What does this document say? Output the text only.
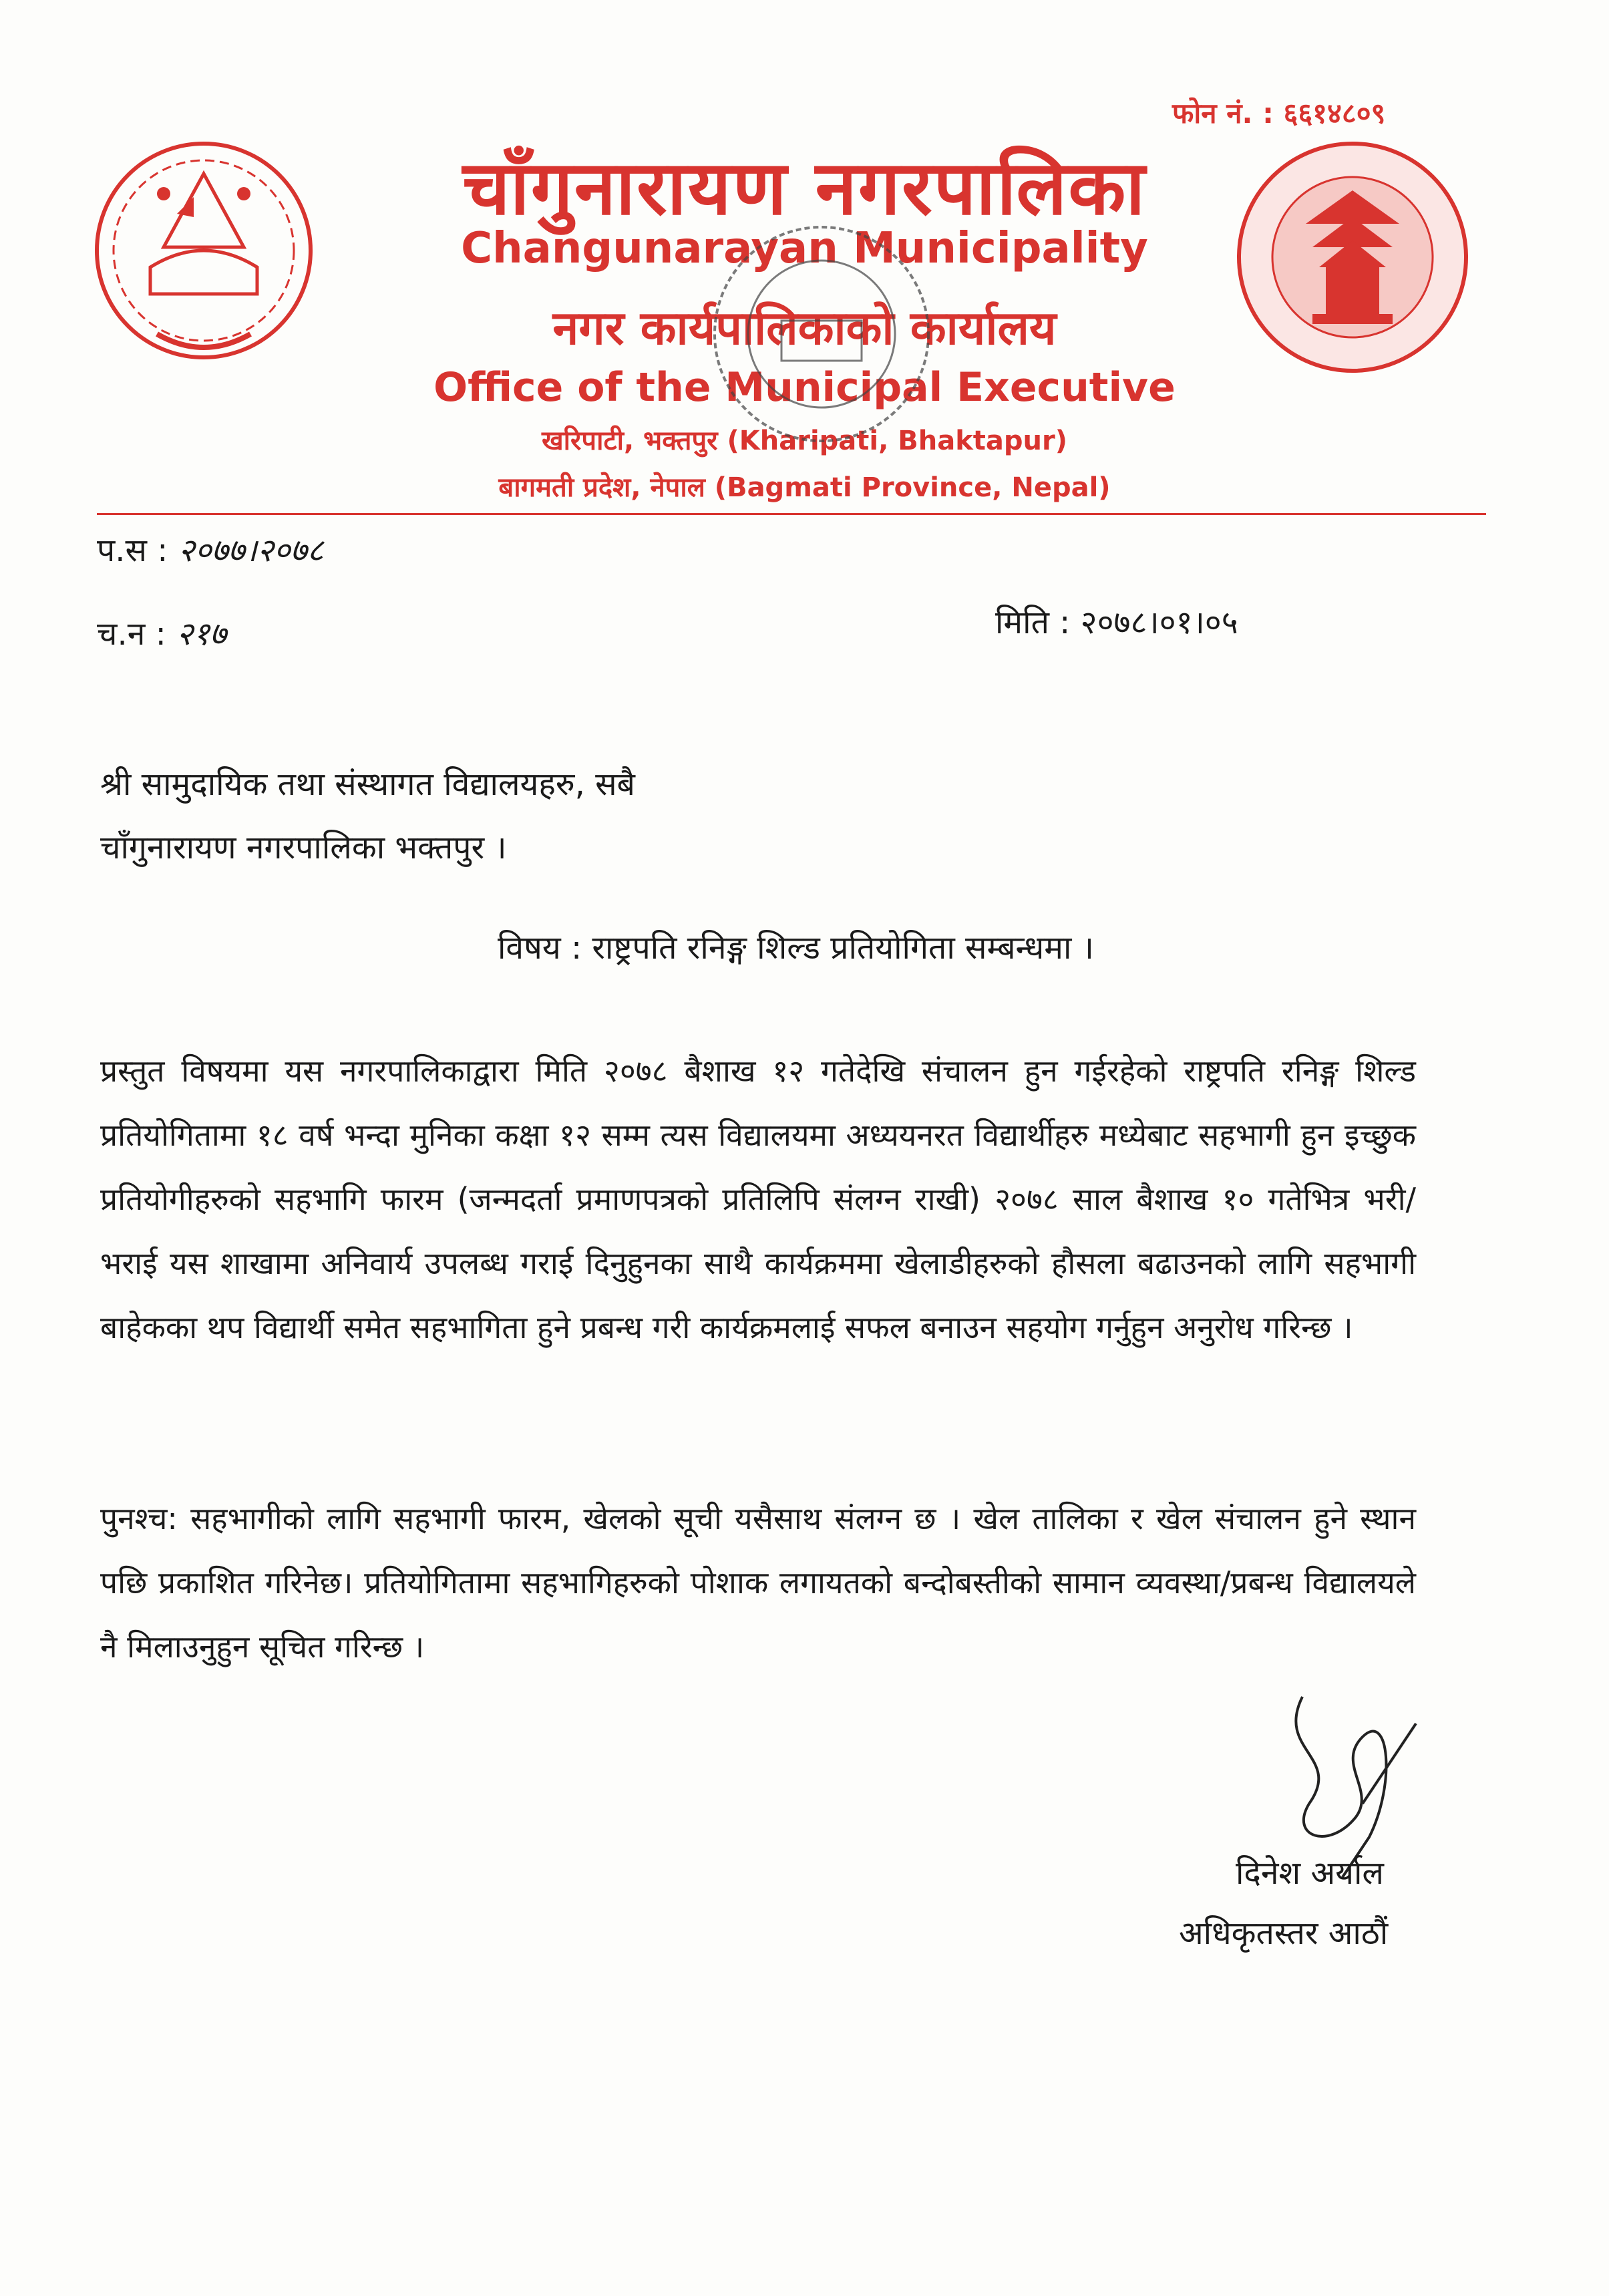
फोन नं. : ६६१४८०९
चाँगुनारायण नगरपालिका
Changunarayan Municipality
नगर कार्यपालिकाको कार्यालय
Office of the Municipal Executive
खरिपाटी, भक्तपुर (Kharipati, Bhaktapur)
बागमती प्रदेश, नेपाल (Bagmati Province, Nepal)
प.स : २०७७।२०७८
च.न : २१७	मिति : २०७८।०१।०५
श्री सामुदायिक तथा संस्थागत विद्यालयहरु, सबै
चाँगुनारायण नगरपालिका भक्तपुर ।
विषय : राष्ट्रपति रनिङ्ग शिल्ड प्रतियोगिता सम्बन्धमा ।
प्रस्तुत विषयमा यस नगरपालिकाद्वारा मिति २०७८ बैशाख १२ गतेदेखि संचालन हुन गईरहेको राष्ट्रपति रनिङ्ग शिल्ड प्रतियोगितामा १८ वर्ष भन्दा मुनिका कक्षा १२ सम्म त्यस विद्यालयमा अध्ययनरत विद्यार्थीहरु मध्येबाट सहभागी हुन इच्छुक प्रतियोगीहरुको सहभागि फारम (जन्मदर्ता प्रमाणपत्रको प्रतिलिपि संलग्न राखी) २०७८ साल बैशाख १० गतेभित्र भरी/भराई यस शाखामा अनिवार्य उपलब्ध गराई दिनुहुनका साथै कार्यक्रममा खेलाडीहरुको हौसला बढाउनको लागि सहभागी बाहेकका थप विद्यार्थी समेत सहभागिता हुने प्रबन्ध गरी कार्यक्रमलाई सफल बनाउन सहयोग गर्नुहुन अनुरोध गरिन्छ ।
पुनश्च: सहभागीको लागि सहभागी फारम, खेलको सूची यसैसाथ संलग्न छ । खेल तालिका र खेल संचालन हुने स्थान पछि प्रकाशित गरिनेछ। प्रतियोगितामा सहभागिहरुको पोशाक लगायतको बन्दोबस्तीको सामान व्यवस्था/प्रबन्ध विद्यालयले नै मिलाउनुहुन सूचित गरिन्छ ।
दिनेश अर्याल
अधिकृतस्तर आठौं
